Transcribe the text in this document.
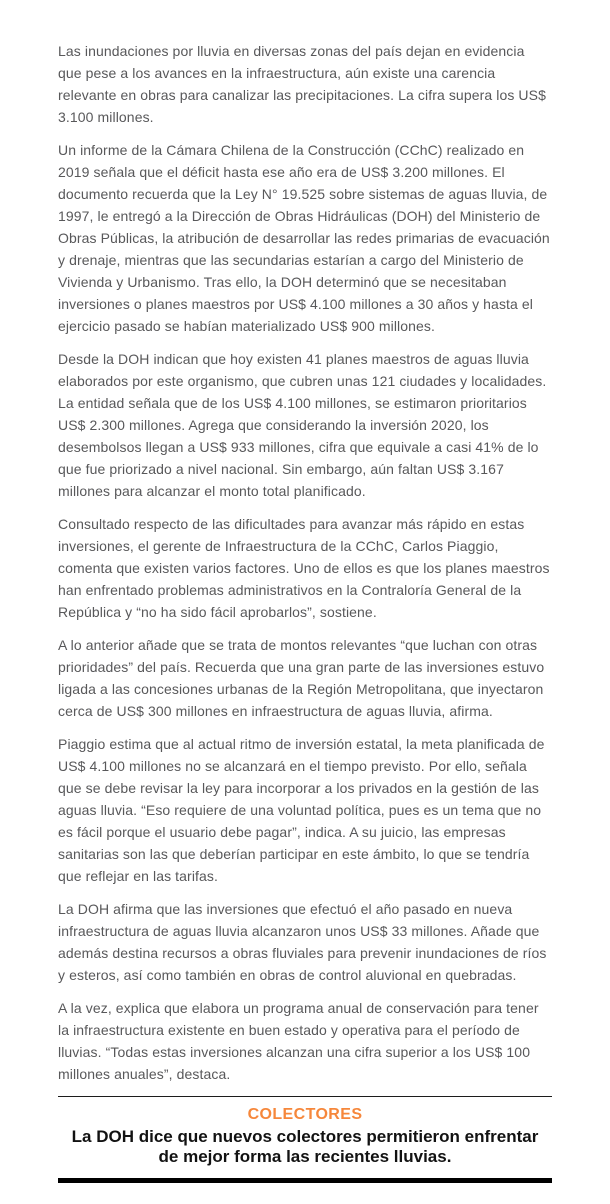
Las inundaciones por lluvia en diversas zonas del país dejan en evidencia que pese a los avances en la infraestructura, aún existe una carencia relevante en obras para canalizar las precipitaciones. La cifra supera los US$ 3.100 millones.

Un informe de la Cámara Chilena de la Construcción (CChC) realizado en 2019 señala que el déficit hasta ese año era de US$ 3.200 millones. El documento recuerda que la Ley N° 19.525 sobre sistemas de aguas lluvia, de 1997, le entregó a la Dirección de Obras Hidráulicas (DOH) del Ministerio de Obras Públicas, la atribución de desarrollar las redes primarias de evacuación y drenaje, mientras que las secundarias estarían a cargo del Ministerio de Vivienda y Urbanismo. Tras ello, la DOH determinó que se necesitaban inversiones o planes maestros por US$ 4.100 millones a 30 años y hasta el ejercicio pasado se habían materializado US$ 900 millones.

Desde la DOH indican que hoy existen 41 planes maestros de aguas lluvia elaborados por este organismo, que cubren unas 121 ciudades y localidades. La entidad señala que de los US$ 4.100 millones, se estimaron prioritarios US$ 2.300 millones. Agrega que considerando la inversión 2020, los desembolsos llegan a US$ 933 millones, cifra que equivale a casi 41% de lo que fue priorizado a nivel nacional. Sin embargo, aún faltan US$ 3.167 millones para alcanzar el monto total planificado.

Consultado respecto de las dificultades para avanzar más rápido en estas inversiones, el gerente de Infraestructura de la CChC, Carlos Piaggio, comenta que existen varios factores. Uno de ellos es que los planes maestros han enfrentado problemas administrativos en la Contraloría General de la República y “no ha sido fácil aprobarlos”, sostiene.

A lo anterior añade que se trata de montos relevantes “que luchan con otras prioridades” del país. Recuerda que una gran parte de las inversiones estuvo ligada a las concesiones urbanas de la Región Metropolitana, que inyectaron cerca de US$ 300 millones en infraestructura de aguas lluvia, afirma.

Piaggio estima que al actual ritmo de inversión estatal, la meta planificada de US$ 4.100 millones no se alcanzará en el tiempo previsto. Por ello, señala que se debe revisar la ley para incorporar a los privados en la gestión de las aguas lluvia. “Eso requiere de una voluntad política, pues es un tema que no es fácil porque el usuario debe pagar”, indica. A su juicio, las empresas sanitarias son las que deberían participar en este ámbito, lo que se tendría que reflejar en las tarifas.

La DOH afirma que las inversiones que efectuó el año pasado en nueva infraestructura de aguas lluvia alcanzaron unos US$ 33 millones. Añade que además destina recursos a obras fluviales para prevenir inundaciones de ríos y esteros, así como también en obras de control aluvional en quebradas.

A la vez, explica que elabora un programa anual de conservación para tener la infraestructura existente en buen estado y operativa para el período de lluvias. “Todas estas inversiones alcanzan una cifra superior a los US$ 100 millones anuales”, destaca.

COLECTORES
La DOH dice que nuevos colectores permitieron enfrentar
de mejor forma las recientes lluvias.
